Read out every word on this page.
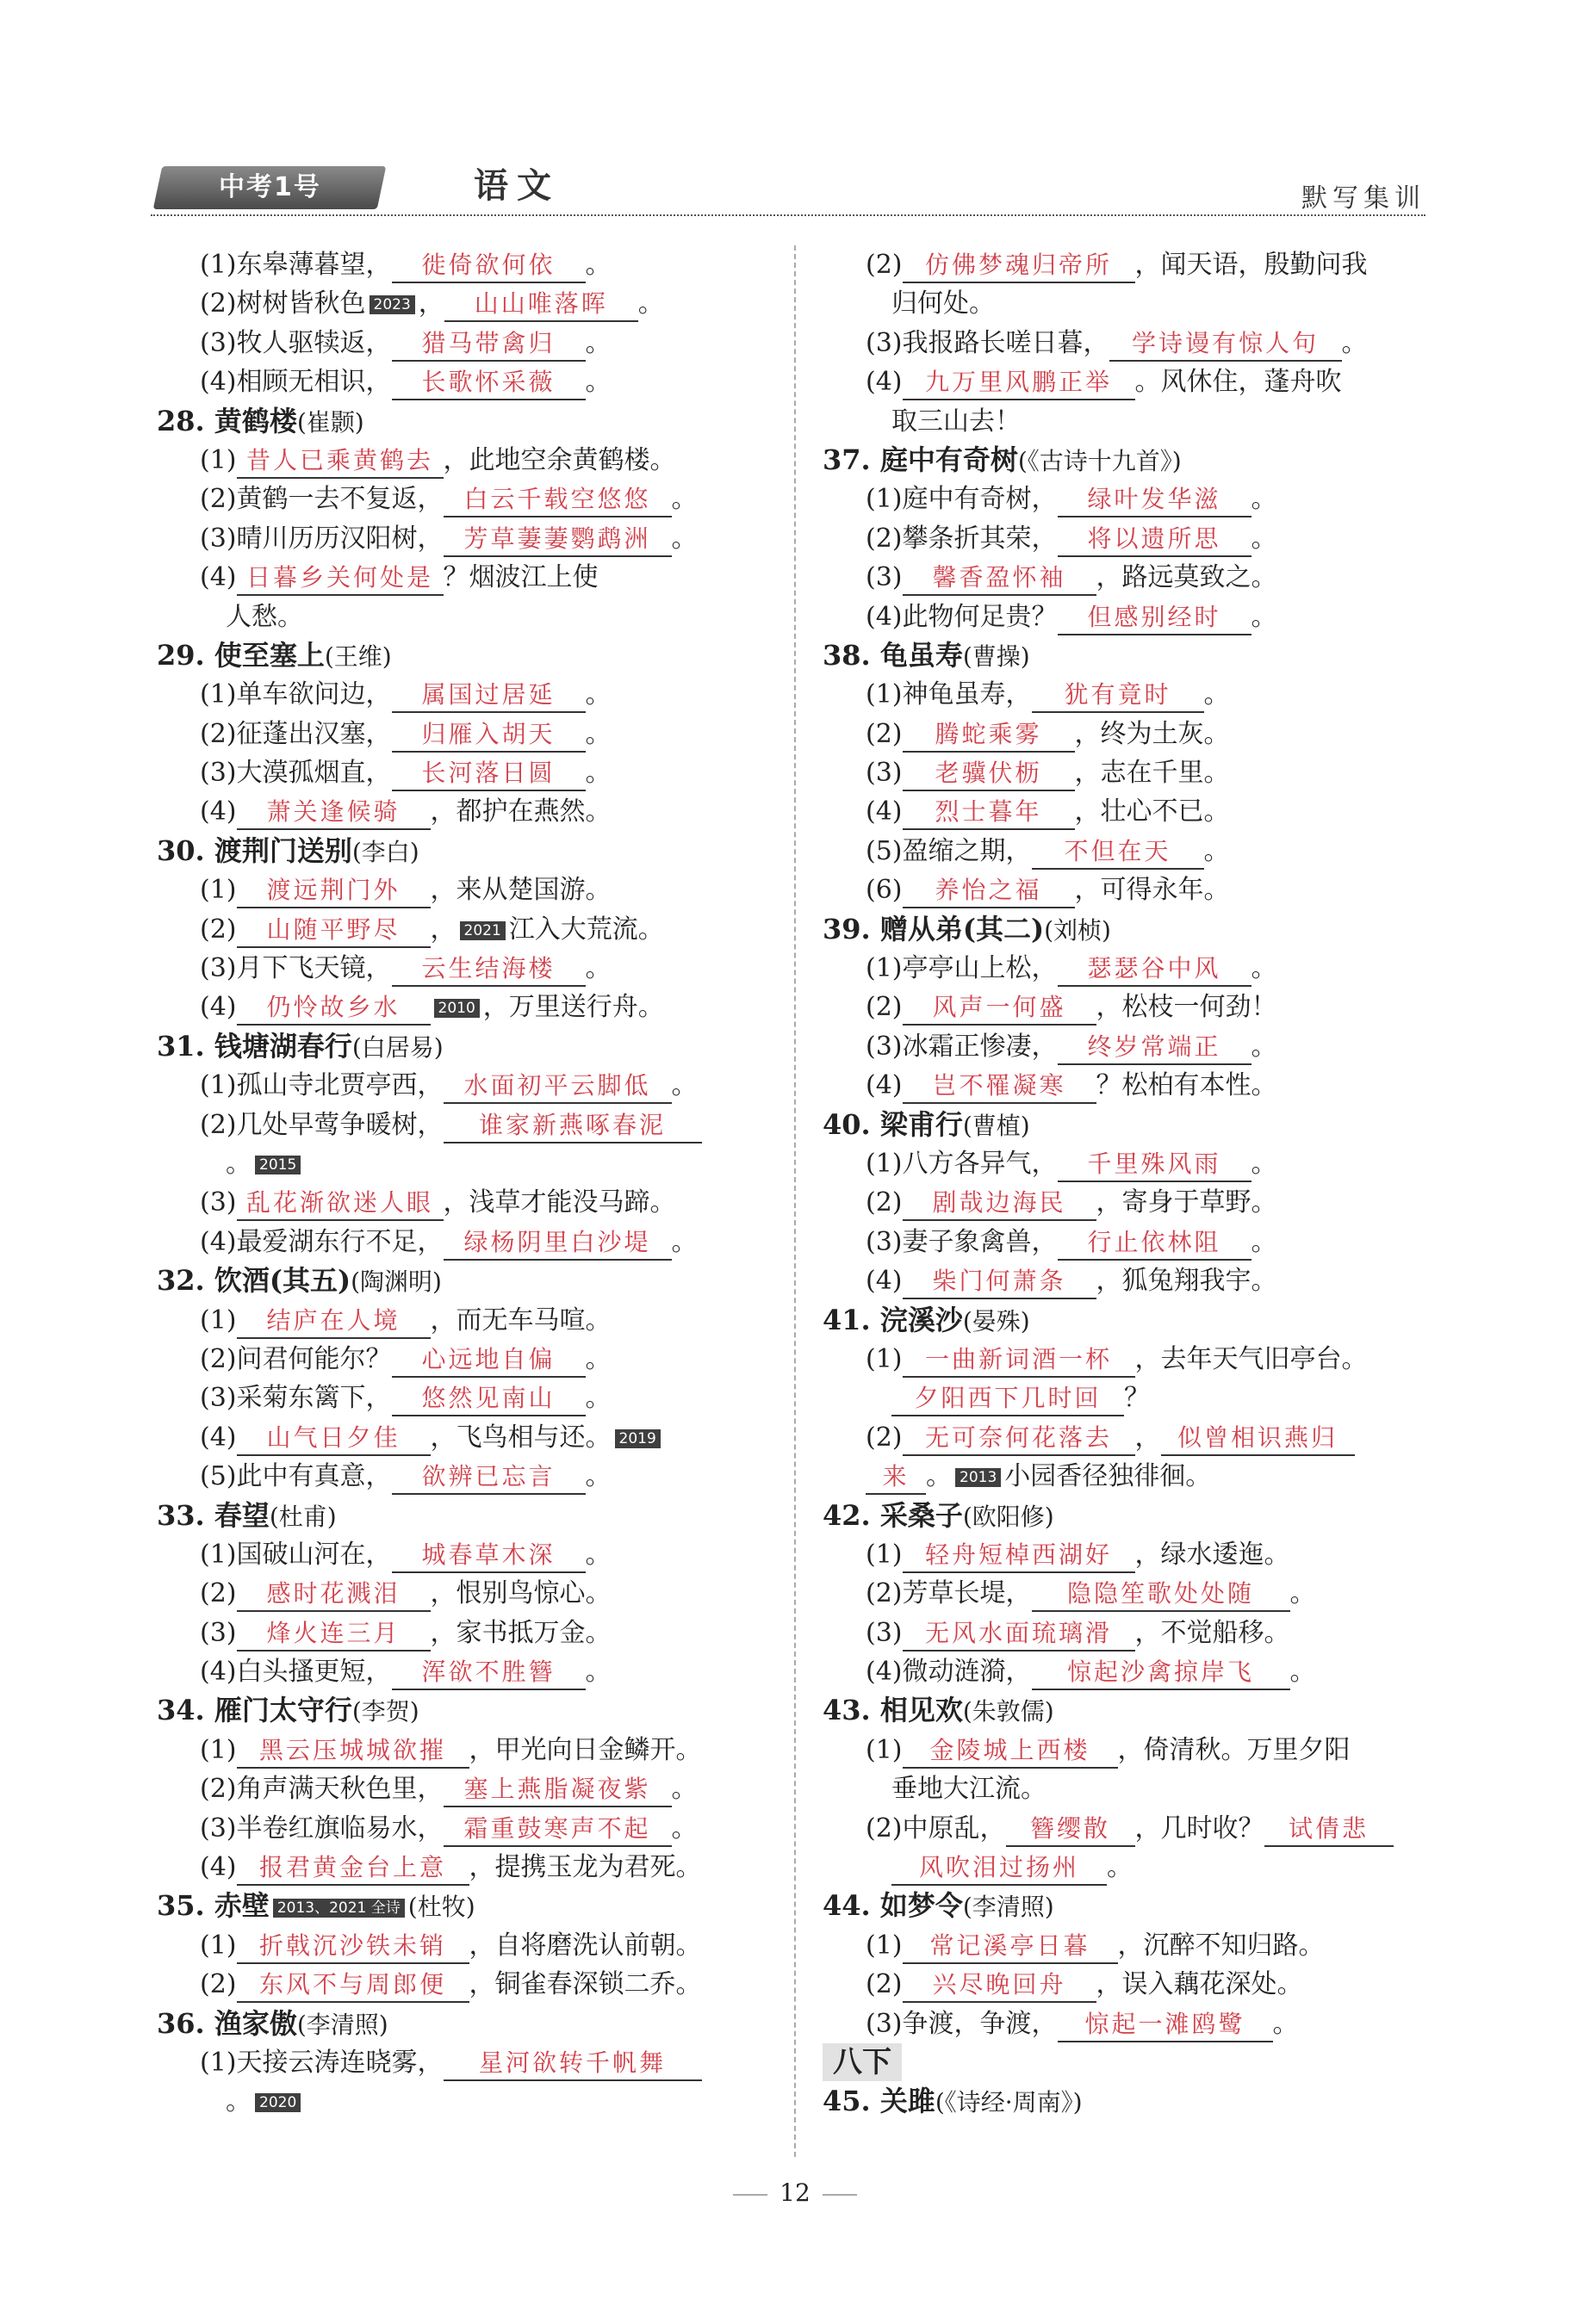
中考1号	语文	默写集训
(1)东皋薄暮望， 徙倚欲何依 。
(2)树树皆秋色 2023 ， 山山唯落晖 。
(3)牧人驱犊返， 猎马带禽归 。
(4)相顾无相识， 长歌怀采薇 。
28. 黄鹤楼(崔颢)
(1) 昔人已乘黄鹤去 ，此地空余黄鹤楼。
(2)黄鹤一去不复返， 白云千载空悠悠 。
(3)晴川历历汉阳树， 芳草萋萋鹦鹉洲 。
(4) 日暮乡关何处是 ？烟波江上使
　人愁。
29. 使至塞上(王维)
(1)单车欲问边， 属国过居延 。
(2)征蓬出汉塞， 归雁入胡天 。
(3)大漠孤烟直， 长河落日圆 。
(4) 萧关逢候骑 ，都护在燕然。
30. 渡荆门送别(李白)
(1) 渡远荆门外 ，来从楚国游。
(2) 山随平野尽 ， 2021 江入大荒流。
(3)月下飞天镜， 云生结海楼 。
(4) 仍怜故乡水	2010 ，万里送行舟。
31. 钱塘湖春行(白居易)
(1)孤山寺北贾亭西， 水面初平云脚低 。
(2)几处早莺争暖树， 谁家新燕啄春泥
　。 2015
(3) 乱花渐欲迷人眼 ，浅草才能没马蹄。
(4)最爱湖东行不足， 绿杨阴里白沙堤 。
32. 饮酒(其五)(陶渊明)
(1) 结庐在人境 ，而无车马喧。
(2)问君何能尔？ 心远地自偏 。
(3)采菊东篱下， 悠然见南山 。
(4) 山气日夕佳 ，飞鸟相与还。 2019
(5)此中有真意， 欲辨已忘言 。
33. 春望(杜甫)
(1)国破山河在， 城春草木深 。
(2) 感时花溅泪 ，恨别鸟惊心。
(3) 烽火连三月 ，家书抵万金。
(4)白头搔更短， 浑欲不胜簪 。
34. 雁门太守行(李贺)
(1) 黑云压城城欲摧 ，甲光向日金鳞开。
(2)角声满天秋色里， 塞上燕脂凝夜紫 。
(3)半卷红旗临易水， 霜重鼓寒声不起 。
(4) 报君黄金台上意 ，提携玉龙为君死。
35. 赤壁 2013、2021 全诗 (杜牧)
(1) 折戟沉沙铁未销 ，自将磨洗认前朝。
(2) 东风不与周郎便 ，铜雀春深锁二乔。
36. 渔家傲(李清照)
(1)天接云涛连晓雾， 星河欲转千帆舞
　。 2020
(2) 仿佛梦魂归帝所 ，闻天语，殷勤问我
　归何处。
(3)我报路长嗟日暮， 学诗谩有惊人句 。
(4) 九万里风鹏正举 。风休住，蓬舟吹
　取三山去！
37. 庭中有奇树(《古诗十九首》)
(1)庭中有奇树， 绿叶发华滋 。
(2)攀条折其荣， 将以遗所思 。
(3) 馨香盈怀袖 ，路远莫致之。
(4)此物何足贵？ 但感别经时 。
38. 龟虽寿(曹操)
(1)神龟虽寿， 犹有竟时 。
(2) 腾蛇乘雾 ，终为土灰。
(3) 老骥伏枥 ，志在千里。
(4) 烈士暮年 ，壮心不已。
(5)盈缩之期， 不但在天 。
(6) 养怡之福 ，可得永年。
39. 赠从弟(其二)(刘桢)
(1)亭亭山上松， 瑟瑟谷中风 。
(2) 风声一何盛 ，松枝一何劲！
(3)冰霜正惨凄， 终岁常端正 。
(4) 岂不罹凝寒 ？松柏有本性。
40. 梁甫行(曹植)
(1)八方各异气， 千里殊风雨 。
(2) 剧哉边海民 ，寄身于草野。
(3)妻子象禽兽， 行止依林阻 。
(4) 柴门何萧条 ，狐兔翔我宇。
41. 浣溪沙(晏殊)
(1) 一曲新词酒一杯 ，去年天气旧亭台。
　夕阳西下几时回 ？
(2) 无可奈何花落去 ， 似曾相识燕归
来 。 2013 小园香径独徘徊。
42. 采桑子(欧阳修)
(1) 轻舟短棹西湖好 ，绿水逶迤。
(2)芳草长堤， 隐隐笙歌处处随 。
(3) 无风水面琉璃滑 ，不觉船移。
(4)微动涟漪， 惊起沙禽掠岸飞 。
43. 相见欢(朱敦儒)
(1) 金陵城上西楼 ，倚清秋。万里夕阳
　垂地大江流。
(2)中原乱， 簪缨散 ，几时收？ 试倩悲
　风吹泪过扬州 。
44. 如梦令(李清照)
(1) 常记溪亭日暮 ，沉醉不知归路。
(2) 兴尽晚回舟 ，误入藕花深处。
(3)争渡，争渡， 惊起一滩鸥鹭 。
八下
45. 关雎(《诗经·周南》)
12
